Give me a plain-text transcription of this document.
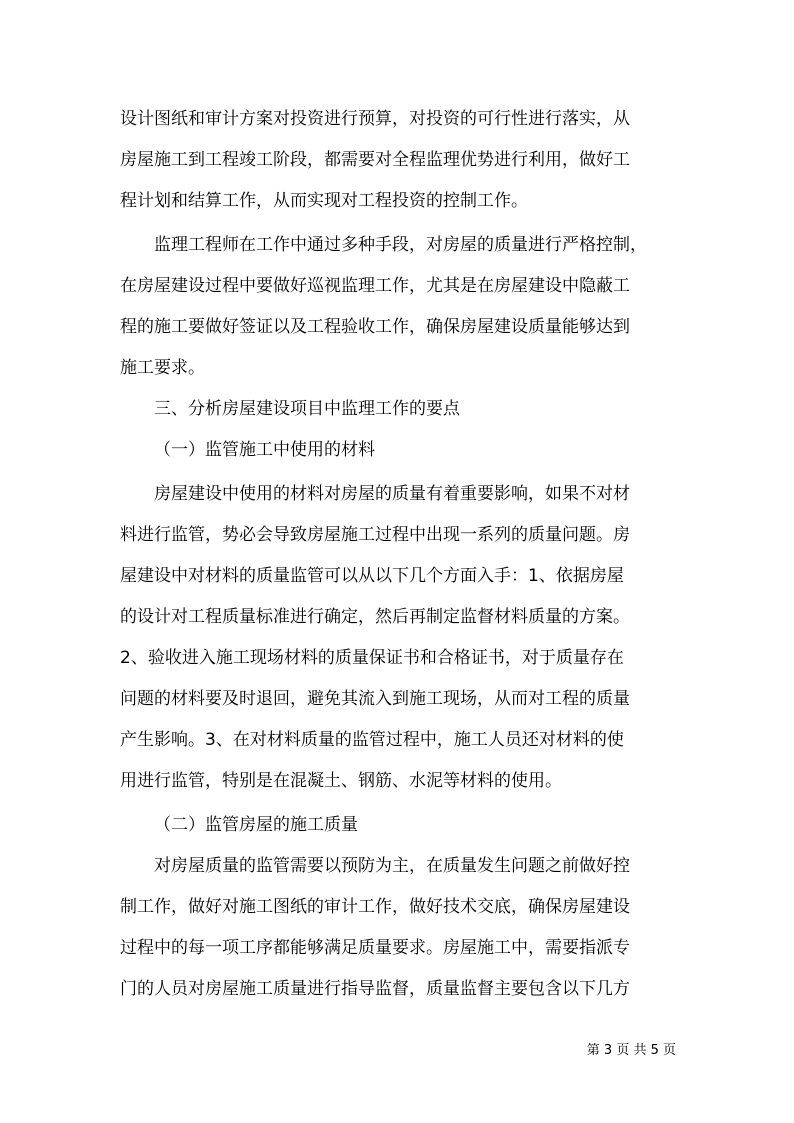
设计图纸和审计方案对投资进行预算，对投资的可行性进行落实，从
房屋施工到工程竣工阶段，都需要对全程监理优势进行利用，做好工
程计划和结算工作，从而实现对工程投资的控制工作。
监理工程师在工作中通过多种手段，对房屋的质量进行严格控制，
在房屋建设过程中要做好巡视监理工作，尤其是在房屋建设中隐蔽工
程的施工要做好签证以及工程验收工作，确保房屋建设质量能够达到
施工要求。
三、分析房屋建设项目中监理工作的要点
（一）监管施工中使用的材料
房屋建设中使用的材料对房屋的质量有着重要影响，如果不对材
料进行监管，势必会导致房屋施工过程中出现一系列的质量问题。房
屋建设中对材料的质量监管可以从以下几个方面入手：1、依据房屋
的设计对工程质量标准进行确定，然后再制定监督材料质量的方案。
2、验收进入施工现场材料的质量保证书和合格证书，对于质量存在
问题的材料要及时退回，避免其流入到施工现场，从而对工程的质量
产生影响。3、在对材料质量的监管过程中，施工人员还对材料的使
用进行监管，特别是在混凝土、钢筋、水泥等材料的使用。
（二）监管房屋的施工质量
对房屋质量的监管需要以预防为主，在质量发生问题之前做好控
制工作，做好对施工图纸的审计工作，做好技术交底，确保房屋建设
过程中的每一项工序都能够满足质量要求。房屋施工中，需要指派专
门的人员对房屋施工质量进行指导监督，质量监督主要包含以下几方
第 3 页 共 5 页
